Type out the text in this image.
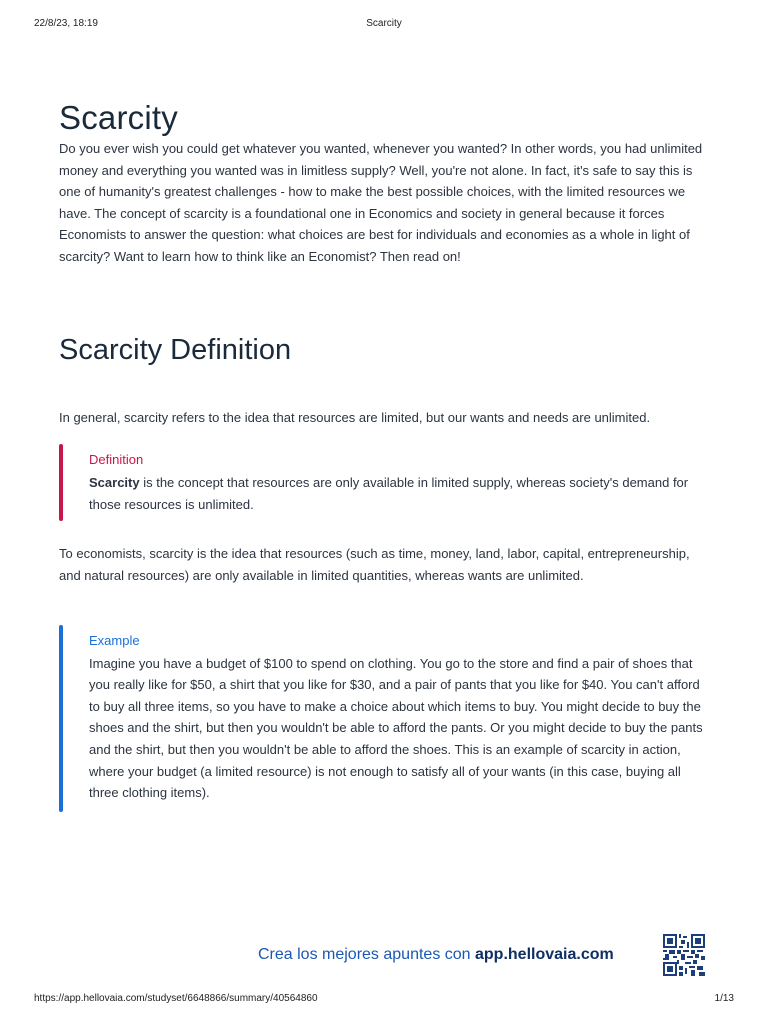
22/8/23, 18:19	Scarcity
Scarcity

Do you ever wish you could get whatever you wanted, whenever you wanted? In other words, you had unlimited money and everything you wanted was in limitless supply? Well, you're not alone. In fact, it's safe to say this is one of humanity's greatest challenges - how to make the best possible choices, with the limited resources we have. The concept of scarcity is a foundational one in Economics and society in general because it forces Economists to answer the question: what choices are best for individuals and economies as a whole in light of scarcity? Want to learn how to think like an Economist? Then read on!

Scarcity Definition

In general, scarcity refers to the idea that resources are limited, but our wants and needs are unlimited.

Definition

Scarcity is the concept that resources are only available in limited supply, whereas society's demand for those resources is unlimited.

To economists, scarcity is the idea that resources (such as time, money, land, labor, capital, entrepreneurship, and natural resources) are only available in limited quantities, whereas wants are unlimited.

Example

Imagine you have a budget of $100 to spend on clothing. You go to the store and find a pair of shoes that you really like for $50, a shirt that you like for $30, and a pair of pants that you like for $40. You can't afford to buy all three items, so you have to make a choice about which items to buy. You might decide to buy the shoes and the shirt, but then you wouldn't be able to afford the pants. Or you might decide to buy the pants and the shirt, but then you wouldn't be able to afford the shoes. This is an example of scarcity in action, where your budget (a limited resource) is not enough to satisfy all of your wants (in this case, buying all three clothing items).

Crea los mejores apuntes con app.hellovaia.com
https://app.hellovaia.com/studyset/6648866/summary/40564860	1/13
